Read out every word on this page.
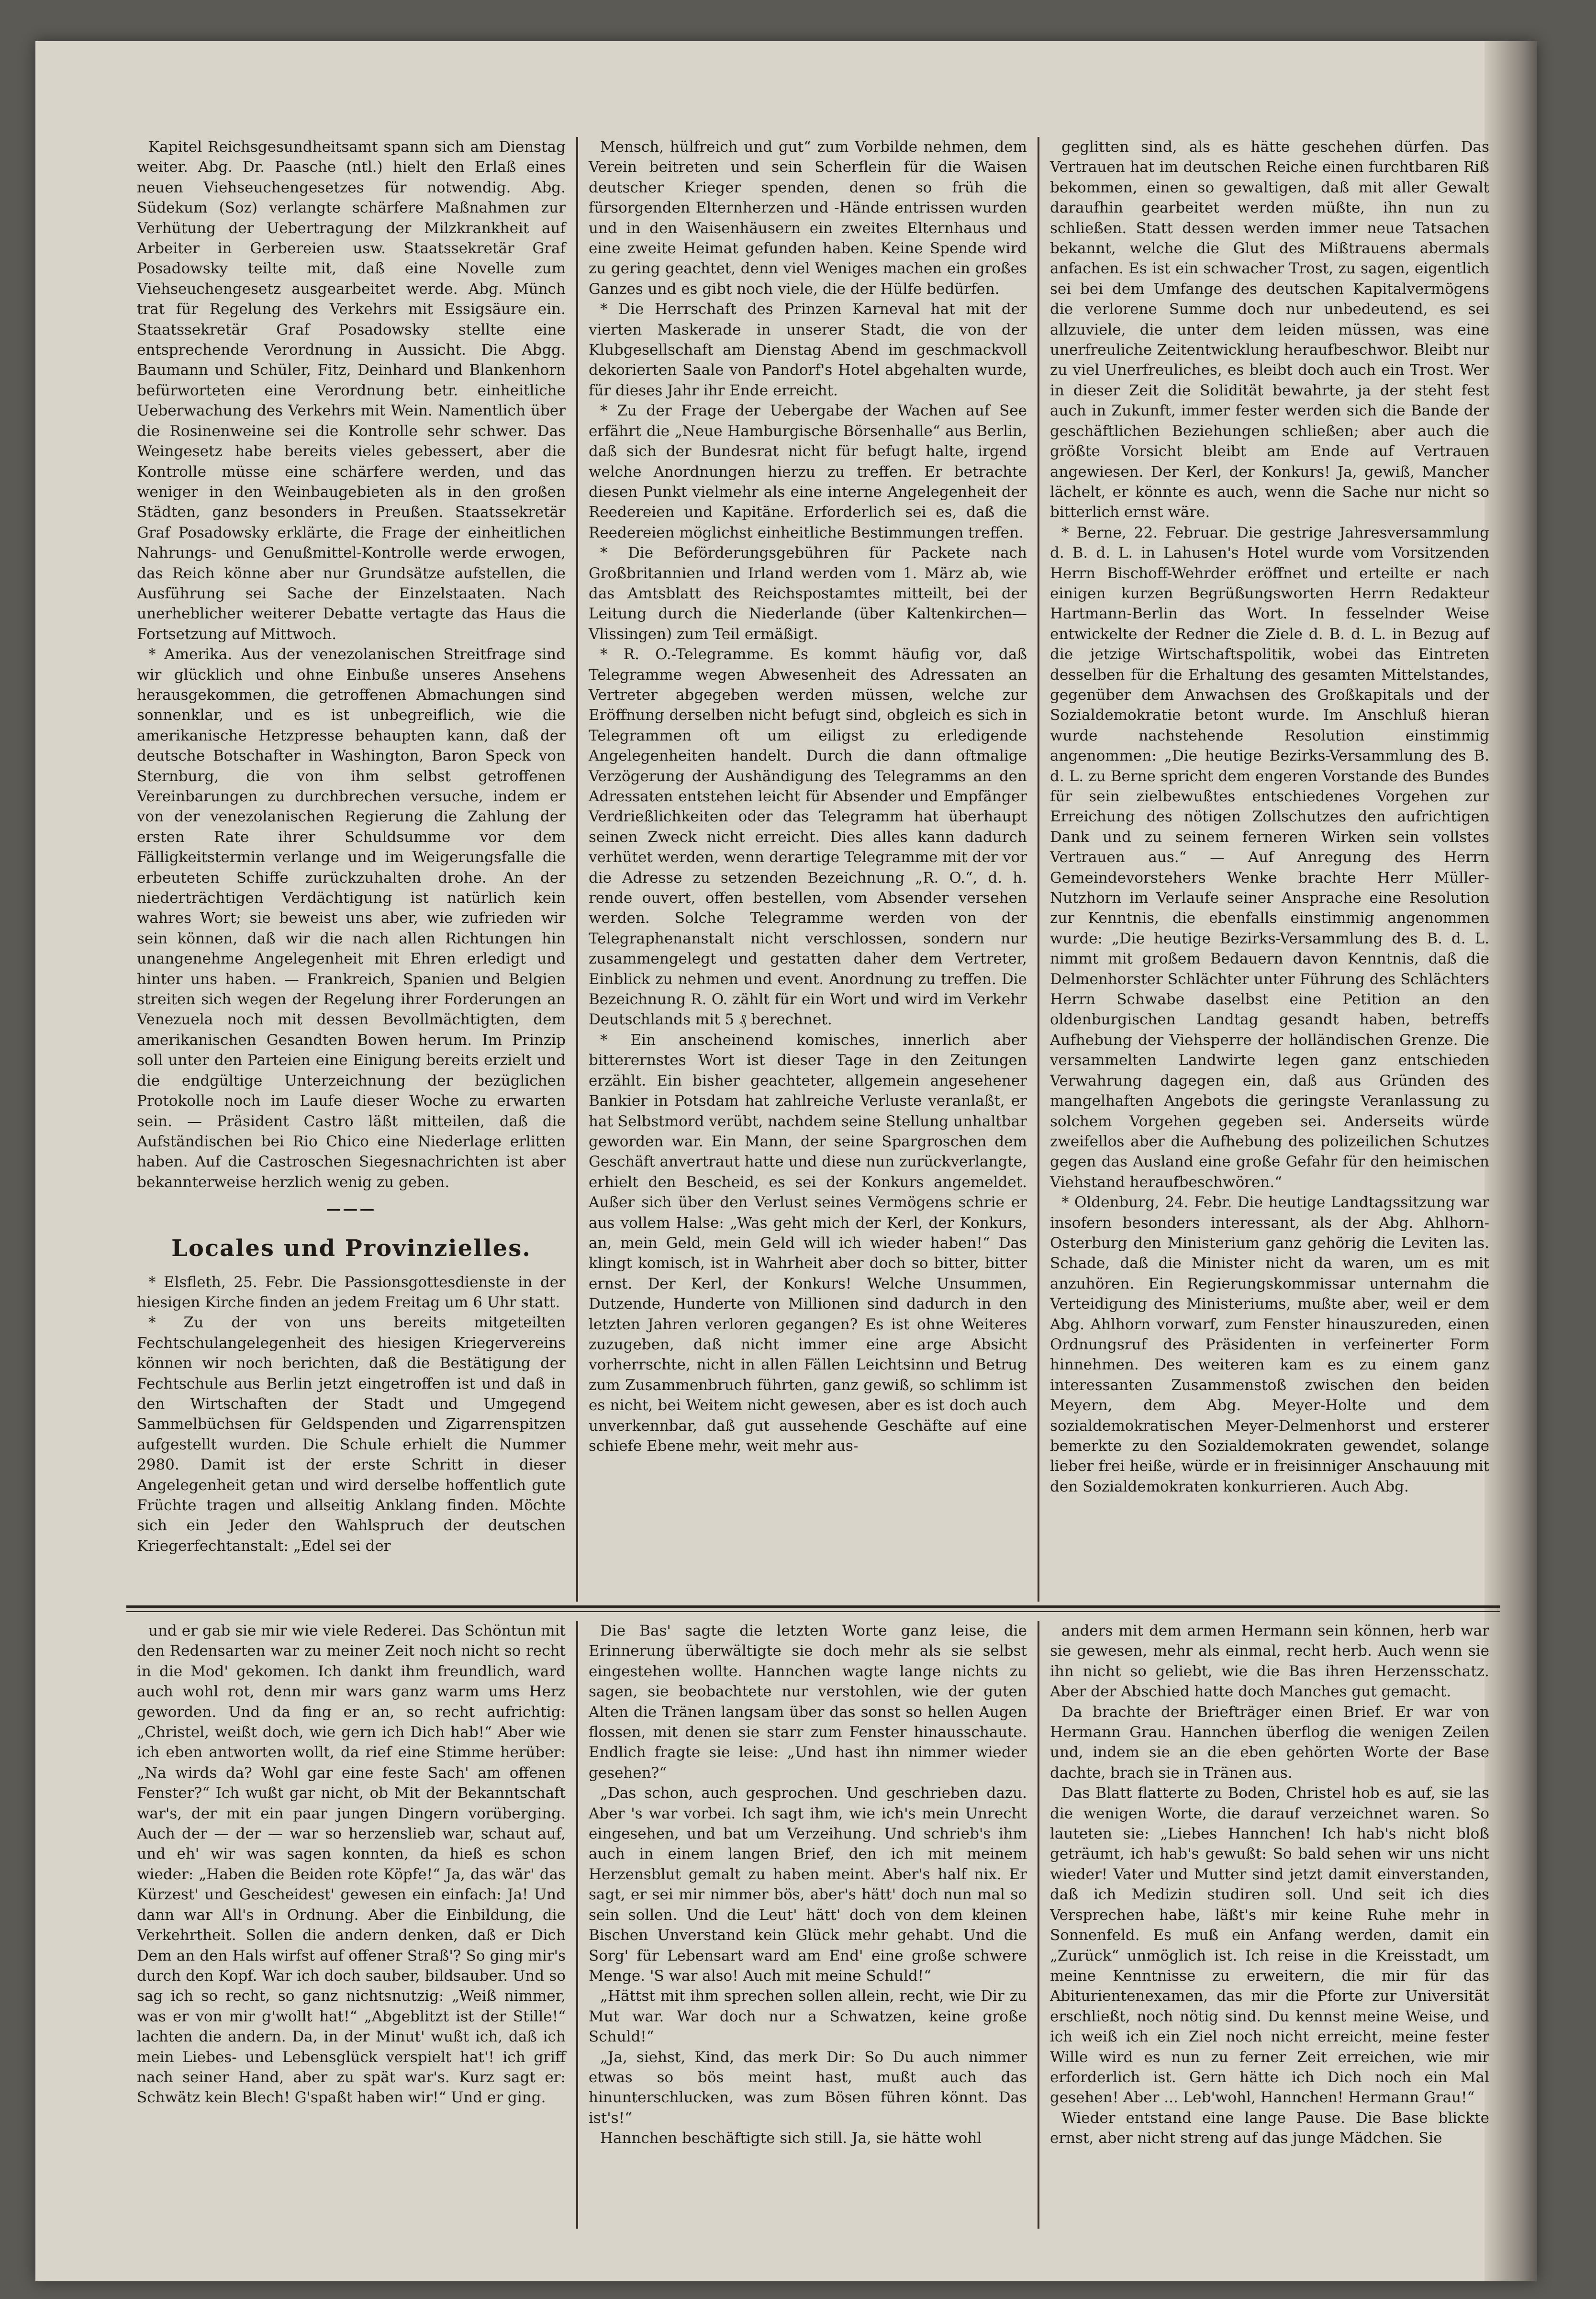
Kapitel Reichsgesundheitsamt spann sich am Dienstag weiter. Abg. Dr. Paasche (ntl.) hielt den Erlaß eines neuen Viehseuchengesetzes für notwendig. Abg. Südekum (Soz) verlangte schärfere Maßnahmen zur Verhütung der Uebertragung der Milzkrankheit auf Arbeiter in Gerbereien usw. Staatssekretär Graf Posadowsky teilte mit, daß eine Novelle zum Viehseuchengesetz ausgearbeitet werde. Abg. Münch trat für Regelung des Verkehrs mit Essigsäure ein. Staatssekretär Graf Posadowsky stellte eine entsprechende Verordnung in Aussicht. Die Abgg. Baumann und Schüler, Fitz, Deinhard und Blankenhorn befürworteten eine Verordnung betr. einheitliche Ueberwachung des Verkehrs mit Wein. Namentlich über die Rosinenweine sei die Kontrolle sehr schwer. Das Weingesetz habe bereits vieles gebessert, aber die Kontrolle müsse eine schärfere werden, und das weniger in den Weinbaugebieten als in den großen Städten, ganz besonders in Preußen. Staatssekretär Graf Posadowsky erklärte, die Frage der einheitlichen Nahrungs- und Genußmittel-Kontrolle werde erwogen, das Reich könne aber nur Grundsätze aufstellen, die Ausführung sei Sache der Einzelstaaten. Nach unerheblicher weiterer Debatte vertagte das Haus die Fortsetzung auf Mittwoch.

* Amerika. Aus der venezolanischen Streitfrage sind wir glücklich und ohne Einbuße unseres Ansehens herausgekommen, die getroffenen Abmachungen sind sonnenklar, und es ist unbegreiflich, wie die amerikanische Hetzpresse behaupten kann, daß der deutsche Botschafter in Washington, Baron Speck von Sternburg, die von ihm selbst getroffenen Vereinbarungen zu durchbrechen versuche, indem er von der venezolanischen Regierung die Zahlung der ersten Rate ihrer Schuldsumme vor dem Fälligkeitstermin verlange und im Weigerungsfalle die erbeuteten Schiffe zurückzuhalten drohe. An der niederträchtigen Verdächtigung ist natürlich kein wahres Wort; sie beweist uns aber, wie zufrieden wir sein können, daß wir die nach allen Richtungen hin unangenehme Angelegenheit mit Ehren erledigt und hinter uns haben. — Frankreich, Spanien und Belgien streiten sich wegen der Regelung ihrer Forderungen an Venezuela noch mit dessen Bevollmächtigten, dem amerikanischen Gesandten Bowen herum. Im Prinzip soll unter den Parteien eine Einigung bereits erzielt und die endgültige Unterzeichnung der bezüglichen Protokolle noch im Laufe dieser Woche zu erwarten sein. — Präsident Castro läßt mitteilen, daß die Aufständischen bei Rio Chico eine Niederlage erlitten haben. Auf die Castroschen Siegesnachrichten ist aber bekannterweise herzlich wenig zu geben.

———

Locales und Provinzielles.

* Elsfleth, 25. Febr. Die Passionsgottesdienste in der hiesigen Kirche finden an jedem Freitag um 6 Uhr statt.

* Zu der von uns bereits mitgeteilten Fechtschulangelegenheit des hiesigen Kriegervereins können wir noch berichten, daß die Bestätigung der Fechtschule aus Berlin jetzt eingetroffen ist und daß in den Wirtschaften der Stadt und Umgegend Sammelbüchsen für Geldspenden und Zigarrenspitzen aufgestellt wurden. Die Schule erhielt die Nummer 2980. Damit ist der erste Schritt in dieser Angelegenheit getan und wird derselbe hoffentlich gute Früchte tragen und allseitig Anklang finden. Möchte sich ein Jeder den Wahlspruch der deutschen Kriegerfechtanstalt: „Edel sei der

Mensch, hülfreich und gut“ zum Vorbilde nehmen, dem Verein beitreten und sein Scherflein für die Waisen deutscher Krieger spenden, denen so früh die fürsorgenden Elternherzen und -Hände entrissen wurden und in den Waisenhäusern ein zweites Elternhaus und eine zweite Heimat gefunden haben. Keine Spende wird zu gering geachtet, denn viel Weniges machen ein großes Ganzes und es gibt noch viele, die der Hülfe bedürfen.

* Die Herrschaft des Prinzen Karneval hat mit der vierten Maskerade in unserer Stadt, die von der Klubgesellschaft am Dienstag Abend im geschmackvoll dekorierten Saale von Pandorf's Hotel abgehalten wurde, für dieses Jahr ihr Ende erreicht.

* Zu der Frage der Uebergabe der Wachen auf See erfährt die „Neue Hamburgische Börsenhalle“ aus Berlin, daß sich der Bundesrat nicht für befugt halte, irgend welche Anordnungen hierzu zu treffen. Er betrachte diesen Punkt vielmehr als eine interne Angelegenheit der Reedereien und Kapitäne. Erforderlich sei es, daß die Reedereien möglichst einheitliche Bestimmungen treffen.

* Die Beförderungsgebühren für Packete nach Großbritannien und Irland werden vom 1. März ab, wie das Amtsblatt des Reichspostamtes mitteilt, bei der Leitung durch die Niederlande (über Kaltenkirchen—Vlissingen) zum Teil ermäßigt.

* R. O.-Telegramme. Es kommt häufig vor, daß Telegramme wegen Abwesenheit des Adressaten an Vertreter abgegeben werden müssen, welche zur Eröffnung derselben nicht befugt sind, obgleich es sich in Telegrammen oft um eiligst zu erledigende Angelegenheiten handelt. Durch die dann oftmalige Verzögerung der Aushändigung des Telegramms an den Adressaten entstehen leicht für Absender und Empfänger Verdrießlichkeiten oder das Telegramm hat überhaupt seinen Zweck nicht erreicht. Dies alles kann dadurch verhütet werden, wenn derartige Telegramme mit der vor die Adresse zu setzenden Bezeichnung „R. O.“, d. h. rende ouvert, offen bestellen, vom Absender versehen werden. Solche Telegramme werden von der Telegraphenanstalt nicht verschlossen, sondern nur zusammengelegt und gestatten daher dem Vertreter, Einblick zu nehmen und event. Anordnung zu treffen. Die Bezeichnung R. O. zählt für ein Wort und wird im Verkehr Deutschlands mit 5 ₰ berechnet.

* Ein anscheinend komisches, innerlich aber bitterernstes Wort ist dieser Tage in den Zeitungen erzählt. Ein bisher geachteter, allgemein angesehener Bankier in Potsdam hat zahlreiche Verluste veranlaßt, er hat Selbstmord verübt, nachdem seine Stellung unhaltbar geworden war. Ein Mann, der seine Spargroschen dem Geschäft anvertraut hatte und diese nun zurückverlangte, erhielt den Bescheid, es sei der Konkurs angemeldet. Außer sich über den Verlust seines Vermögens schrie er aus vollem Halse: „Was geht mich der Kerl, der Konkurs, an, mein Geld, mein Geld will ich wieder haben!“ Das klingt komisch, ist in Wahrheit aber doch so bitter, bitter ernst. Der Kerl, der Konkurs! Welche Unsummen, Dutzende, Hunderte von Millionen sind dadurch in den letzten Jahren verloren gegangen? Es ist ohne Weiteres zuzugeben, daß nicht immer eine arge Absicht vorherrschte, nicht in allen Fällen Leichtsinn und Betrug zum Zusammenbruch führten, ganz gewiß, so schlimm ist es nicht, bei Weitem nicht gewesen, aber es ist doch auch unverkennbar, daß gut aussehende Geschäfte auf eine schiefe Ebene mehr, weit mehr aus-

geglitten sind, als es hätte geschehen dürfen. Das Vertrauen hat im deutschen Reiche einen furchtbaren Riß bekommen, einen so gewaltigen, daß mit aller Gewalt daraufhin gearbeitet werden müßte, ihn nun zu schließen. Statt dessen werden immer neue Tatsachen bekannt, welche die Glut des Mißtrauens abermals anfachen. Es ist ein schwacher Trost, zu sagen, eigentlich sei bei dem Umfange des deutschen Kapitalvermögens die verlorene Summe doch nur unbedeutend, es sei allzuviele, die unter dem leiden müssen, was eine unerfreuliche Zeitentwicklung heraufbeschwor. Bleibt nur zu viel Unerfreuliches, es bleibt doch auch ein Trost. Wer in dieser Zeit die Solidität bewahrte, ja der steht fest auch in Zukunft, immer fester werden sich die Bande der geschäftlichen Beziehungen schließen; aber auch die größte Vorsicht bleibt am Ende auf Vertrauen angewiesen. Der Kerl, der Konkurs! Ja, gewiß, Mancher lächelt, er könnte es auch, wenn die Sache nur nicht so bitterlich ernst wäre.

* Berne, 22. Februar. Die gestrige Jahresversammlung d. B. d. L. in Lahusen's Hotel wurde vom Vorsitzenden Herrn Bischoff-Wehrder eröffnet und erteilte er nach einigen kurzen Begrüßungsworten Herrn Redakteur Hartmann-Berlin das Wort. In fesselnder Weise entwickelte der Redner die Ziele d. B. d. L. in Bezug auf die jetzige Wirtschaftspolitik, wobei das Eintreten desselben für die Erhaltung des gesamten Mittelstandes, gegenüber dem Anwachsen des Großkapitals und der Sozialdemokratie betont wurde. Im Anschluß hieran wurde nachstehende Resolution einstimmig angenommen: „Die heutige Bezirks-Versammlung des B. d. L. zu Berne spricht dem engeren Vorstande des Bundes für sein zielbewußtes entschiedenes Vorgehen zur Erreichung des nötigen Zollschutzes den aufrichtigen Dank und zu seinem ferneren Wirken sein vollstes Vertrauen aus.“ — Auf Anregung des Herrn Gemeindevorstehers Wenke brachte Herr Müller-Nutzhorn im Verlaufe seiner Ansprache eine Resolution zur Kenntnis, die ebenfalls einstimmig angenommen wurde: „Die heutige Bezirks-Versammlung des B. d. L. nimmt mit großem Bedauern davon Kenntnis, daß die Delmenhorster Schlächter unter Führung des Schlächters Herrn Schwabe daselbst eine Petition an den oldenburgischen Landtag gesandt haben, betreffs Aufhebung der Viehsperre der holländischen Grenze. Die versammelten Landwirte legen ganz entschieden Verwahrung dagegen ein, daß aus Gründen des mangelhaften Angebots die geringste Veranlassung zu solchem Vorgehen gegeben sei. Anderseits würde zweifellos aber die Aufhebung des polizeilichen Schutzes gegen das Ausland eine große Gefahr für den heimischen Viehstand heraufbeschwören.“

* Oldenburg, 24. Febr. Die heutige Landtagssitzung war insofern besonders interessant, als der Abg. Ahlhorn-Osterburg den Ministerium ganz gehörig die Leviten las. Schade, daß die Minister nicht da waren, um es mit anzuhören. Ein Regierungskommissar unternahm die Verteidigung des Ministeriums, mußte aber, weil er dem Abg. Ahlhorn vorwarf, zum Fenster hinauszureden, einen Ordnungsruf des Präsidenten in verfeinerter Form hinnehmen. Des weiteren kam es zu einem ganz interessanten Zusammenstoß zwischen den beiden Meyern, dem Abg. Meyer-Holte und dem sozialdemokratischen Meyer-Delmenhorst und ersterer bemerkte zu den Sozialdemokraten gewendet, solange lieber frei heiße, würde er in freisinniger Anschauung mit den Sozialdemokraten konkurrieren. Auch Abg.

und er gab sie mir wie viele Rederei. Das Schöntun mit den Redensarten war zu meiner Zeit noch nicht so recht in die Mod' gekomen. Ich dankt ihm freundlich, ward auch wohl rot, denn mir wars ganz warm ums Herz geworden. Und da fing er an, so recht aufrichtig: „Christel, weißt doch, wie gern ich Dich hab!“ Aber wie ich eben antworten wollt, da rief eine Stimme herüber: „Na wirds da? Wohl gar eine feste Sach' am offenen Fenster?“ Ich wußt gar nicht, ob Mit der Bekanntschaft war's, der mit ein paar jungen Dingern vorüberging. Auch der — der — war so herzenslieb war, schaut auf, und eh' wir was sagen konnten, da hieß es schon wieder: „Haben die Beiden rote Köpfe!“ Ja, das wär' das Kürzest' und Gescheidest' gewesen ein einfach: Ja! Und dann war All's in Ordnung. Aber die Einbildung, die Verkehrtheit. Sollen die andern denken, daß er Dich Dem an den Hals wirfst auf offener Straß'? So ging mir's durch den Kopf. War ich doch sauber, bildsauber. Und so sag ich so recht, so ganz nichtsnutzig: „Weiß nimmer, was er von mir g'wollt hat!“ „Abgeblitzt ist der Stille!“ lachten die andern. Da, in der Minut' wußt ich, daß ich mein Liebes- und Lebensglück verspielt hat'! ich griff nach seiner Hand, aber zu spät war's. Kurz sagt er: Schwätz kein Blech! G'spaßt haben wir!“ Und er ging.

Die Bas' sagte die letzten Worte ganz leise, die Erinnerung überwältigte sie doch mehr als sie selbst eingestehen wollte. Hannchen wagte lange nichts zu sagen, sie beobachtete nur verstohlen, wie der guten Alten die Tränen langsam über das sonst so hellen Augen flossen, mit denen sie starr zum Fenster hinausschaute. Endlich fragte sie leise: „Und hast ihn nimmer wieder gesehen?“

„Das schon, auch gesprochen. Und geschrieben dazu. Aber 's war vorbei. Ich sagt ihm, wie ich's mein Unrecht eingesehen, und bat um Verzeihung. Und schrieb's ihm auch in einem langen Brief, den ich mit meinem Herzensblut gemalt zu haben meint. Aber's half nix. Er sagt, er sei mir nimmer bös, aber's hätt' doch nun mal so sein sollen. Und die Leut' hätt' doch von dem kleinen Bischen Unverstand kein Glück mehr gehabt. Und die Sorg' für Lebensart ward am End' eine große schwere Menge. 'S war also! Auch mit meine Schuld!“

„Hättst mit ihm sprechen sollen allein, recht, wie Dir zu Mut war. War doch nur a Schwatzen, keine große Schuld!“

„Ja, siehst, Kind, das merk Dir: So Du auch nimmer etwas so bös meint hast, mußt auch das hinunterschlucken, was zum Bösen führen könnt. Das ist's!“

Hannchen beschäftigte sich still. Ja, sie hätte wohl

anders mit dem armen Hermann sein können, herb war sie gewesen, mehr als einmal, recht herb. Auch wenn sie ihn nicht so geliebt, wie die Bas ihren Herzensschatz. Aber der Abschied hatte doch Manches gut gemacht.

Da brachte der Briefträger einen Brief. Er war von Hermann Grau. Hannchen überflog die wenigen Zeilen und, indem sie an die eben gehörten Worte der Base dachte, brach sie in Tränen aus.

Das Blatt flatterte zu Boden, Christel hob es auf, sie las die wenigen Worte, die darauf verzeichnet waren. So lauteten sie: „Liebes Hannchen! Ich hab's nicht bloß geträumt, ich hab's gewußt: So bald sehen wir uns nicht wieder! Vater und Mutter sind jetzt damit einverstanden, daß ich Medizin studiren soll. Und seit ich dies Versprechen habe, läßt's mir keine Ruhe mehr in Sonnenfeld. Es muß ein Anfang werden, damit ein „Zurück“ unmöglich ist. Ich reise in die Kreisstadt, um meine Kenntnisse zu erweitern, die mir für das Abiturientenexamen, das mir die Pforte zur Universität erschließt, noch nötig sind. Du kennst meine Weise, und ich weiß ich ein Ziel noch nicht erreicht, meine fester Wille wird es nun zu ferner Zeit erreichen, wie mir erforderlich ist. Gern hätte ich Dich noch ein Mal gesehen! Aber ... Leb'wohl, Hannchen! Hermann Grau!“

Wieder entstand eine lange Pause. Die Base blickte ernst, aber nicht streng auf das junge Mädchen. Sie
